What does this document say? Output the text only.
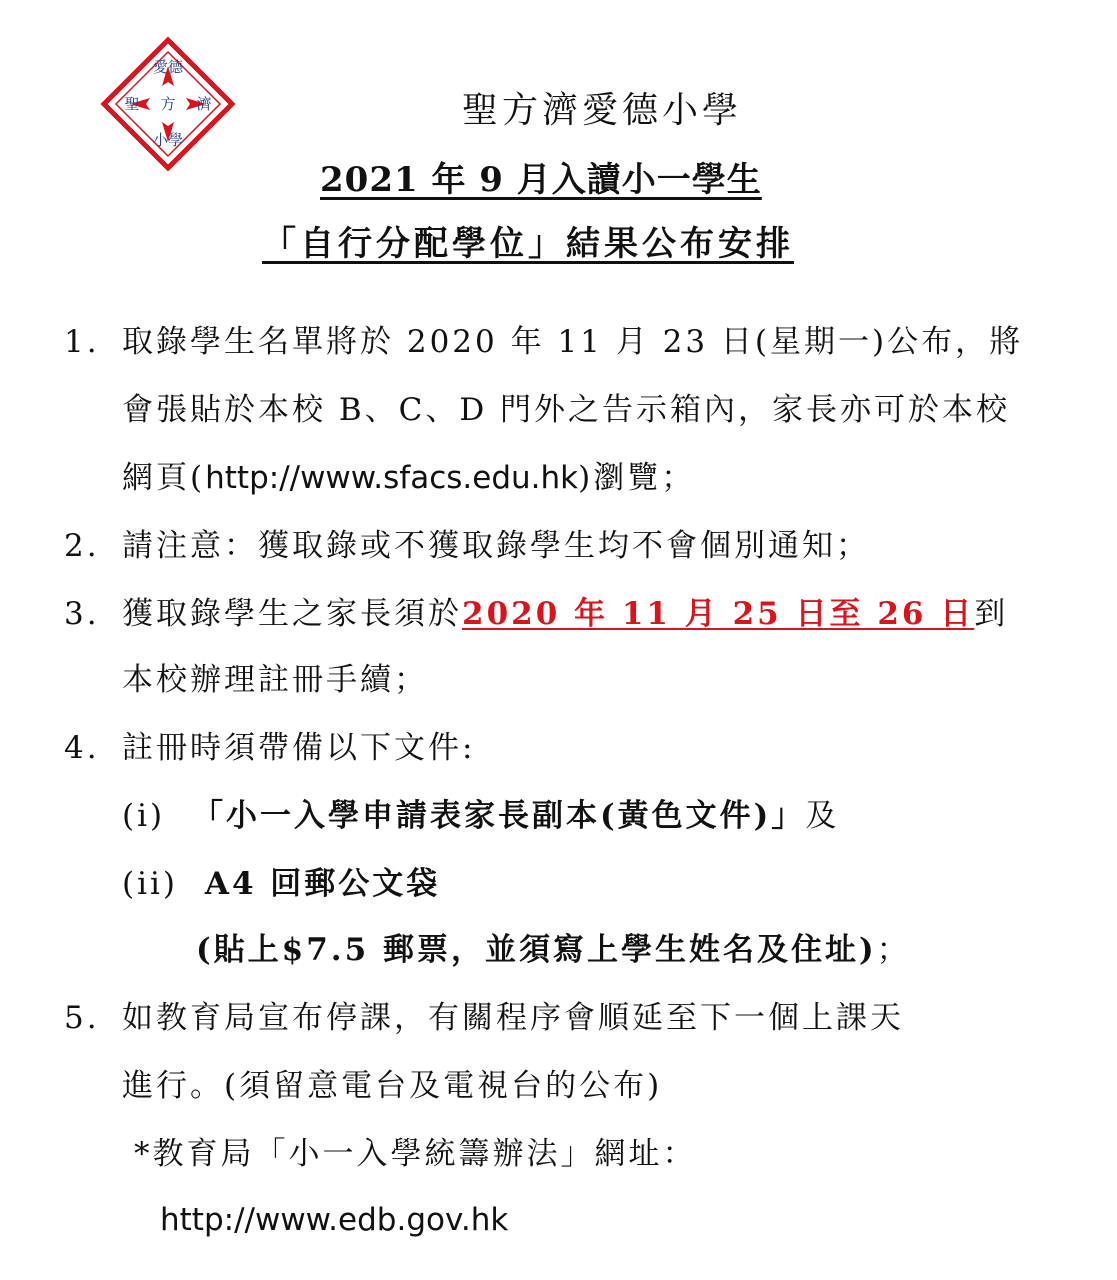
愛德
聖 方 濟
小學
聖方濟愛德小學
2021 年 9 月入讀小一學生
「自行分配學位」結果公布安排
1. 取錄學生名單將於 2020 年 11 月 23 日(星期一)公布，將
會張貼於本校 B、C、D 門外之告示箱內，家長亦可於本校
網頁(http://www.sfacs.edu.hk)瀏覽；
2. 請注意：獲取錄或不獲取錄學生均不會個別通知；
3. 獲取錄學生之家長須於2020 年 11 月 25 日至 26 日到
本校辦理註冊手續；
4. 註冊時須帶備以下文件:
(i) 「小一入學申請表家長副本(黃色文件)」及
(ii) A4 回郵公文袋
(貼上$7.5 郵票，並須寫上學生姓名及住址)；
5. 如教育局宣布停課，有關程序會順延至下一個上課天
進行。(須留意電台及電視台的公布)
*教育局「小一入學統籌辦法」網址：
http://www.edb.gov.hk
